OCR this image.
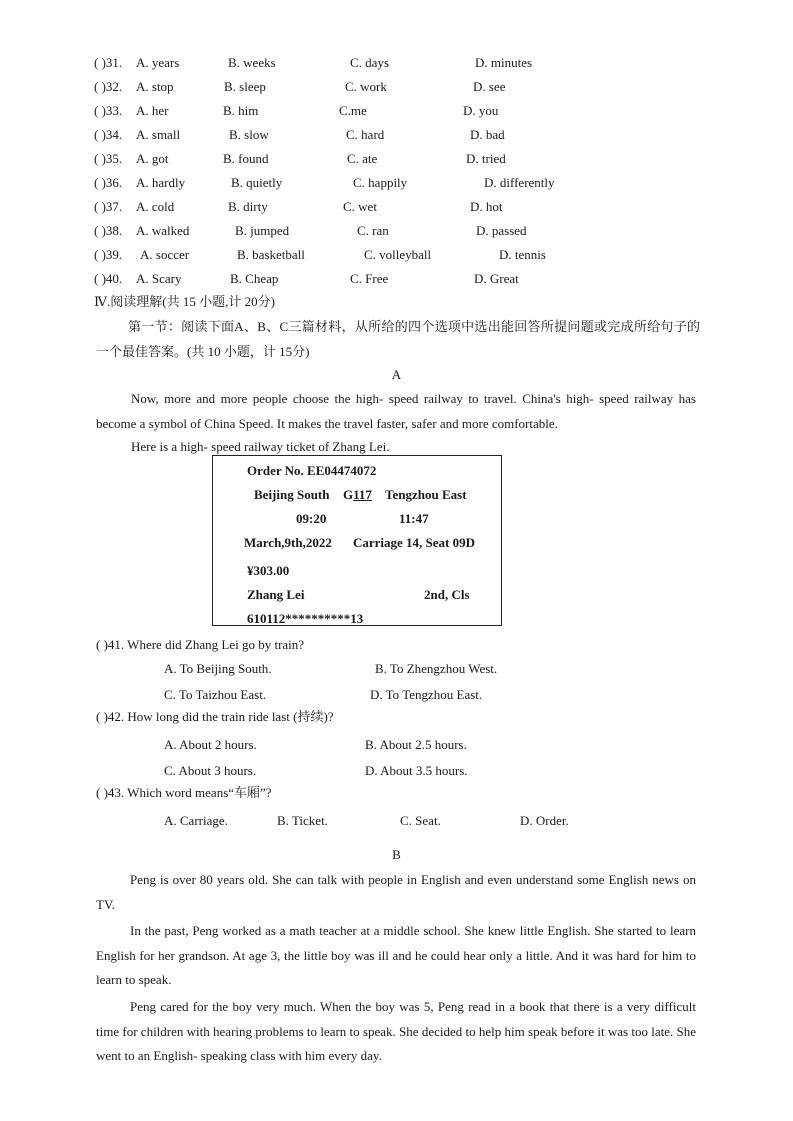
( )31. A. years	B. weeks	C. days	D. minutes
( )32. A. stop	B. sleep	C. work	D. see
( )33. A. her	B. him	C.me	D. you
( )34. A. small	B. slow	C. hard	D. bad
( )35. A. got	B. found	C. ate	D. tried
( )36. A. hardly	B. quietly	C. happily	D. differently
( )37. A. cold	B. dirty	C. wet	D. hot
( )38. A. walked	B. jumped	C. ran	D. passed
( )39. A. soccer	B. basketball	C. volleyball	D. tennis
( )40. A. Scary	B. Cheap	C. Free	D. Great
Ⅳ.阅读理解(共 15 小题,计 20分)
第一节：阅读下面A、B、C三篇材料，从所给的四个选项中选出能回答所提问题或完成所给句子的一个最佳答案。(共 10 小题，计 15分)
A
Now, more and more people choose the high- speed railway to travel. China's high- speed railway has become a symbol of China Speed. It makes the travel faster, safer and more comfortable.
Here is a high- speed railway ticket of Zhang Lei.
Order No. EE04474072
Beijing South G117	Tengzhou East
09:20	11:47
March,9th,2022 Carriage 14, Seat 09D
¥303.00
Zhang Lei	2nd, Cls
610112**********13
( )41. Where did Zhang Lei go by train?
A. To Beijing South.	B. To Zhengzhou West.
C. To Taizhou East.	D. To Tengzhou East.
( )42. How long did the train ride last (持续)?
A. About 2 hours.	B. About 2.5 hours.
C. About 3 hours.	D. About 3.5 hours.
( )43. Which word means“车厢”?
A. Carriage.	B. Ticket.	C. Seat.	D. Order.
B
Peng is over 80 years old. She can talk with people in English and even understand some English news on TV.
In the past, Peng worked as a math teacher at a middle school. She knew little English. She started to learn English for her grandson. At age 3, the little boy was ill and he could hear only a little. And it was hard for him to learn to speak.
Peng cared for the boy very much. When the boy was 5, Peng read in a book that there is a very difficult time for children with hearing problems to learn to speak. She decided to help him speak before it was too late. She went to an English- speaking class with him every day.
